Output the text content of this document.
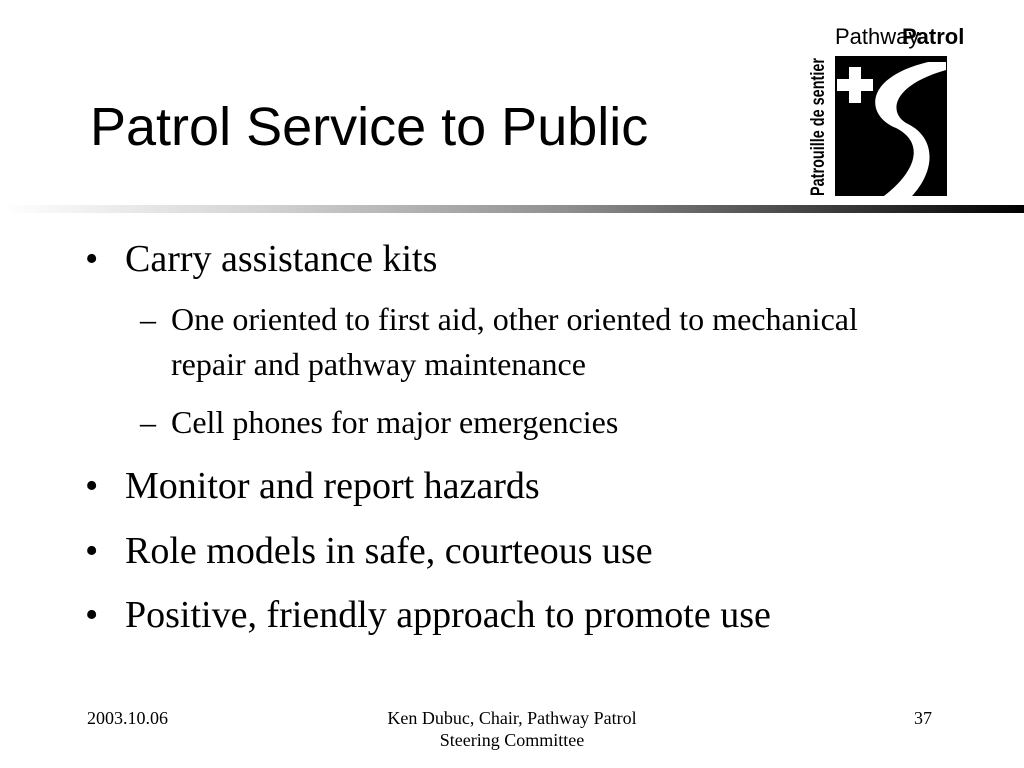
Patrol Service to Public
Pathway
Patrol
Patrouille de sentier
• Carry assistance kits
– One oriented to first aid, other oriented to mechanical repair and pathway maintenance
– Cell phones for major emergencies
• Monitor and report hazards
• Role models in safe, courteous use
• Positive, friendly approach to promote use
2003.10.06	Ken Dubuc, Chair, Pathway Patrol
Steering Committee
37
